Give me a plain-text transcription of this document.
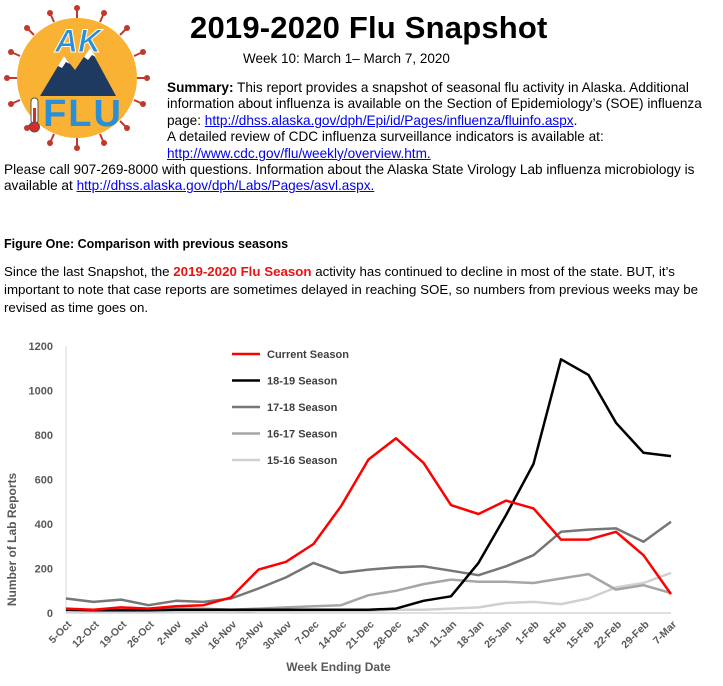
AK
FLU
2019-2020 Flu Snapshot
Week 10: March 1– March 7, 2020
Summary: This report provides a snapshot of seasonal flu activity in Alaska. Additional information about influenza is available on the Section of Epidemiology’s (SOE) influenza page: http://dhss.alaska.gov/dph/Epi/id/Pages/influenza/fluinfo.aspx.
A detailed review of CDC influenza surveillance indicators is available at:
http://www.cdc.gov/flu/weekly/overview.htm.
Please call 907-269-8000 with questions. Information about the Alaska State Virology Lab influenza microbiology is available at http://dhss.alaska.gov/dph/Labs/Pages/asvl.aspx.
Figure One: Comparison with previous seasons
Since the last Snapshot, the 2019-2020 Flu Season activity has continued to decline in most of the state. BUT, it’s important to note that case reports are sometimes delayed in reaching SOE, so numbers from previous weeks may be revised as time goes on.
0
200
400
600
800
1000
1200
5-Oct
12-Oct
19-Oct
26-Oct
2-Nov
9-Nov
16-Nov
23-Nov
30-Nov
7-Dec
14-Dec
21-Dec
28-Dec 4-Jan
11-Jan
18-Jan
25-Jan 1-Feb 8-Feb
15-Feb
22-Feb
29-Feb 7-Mar
Week Ending Date
Number of Lab Reports
Current Season
18-19 Season
17-18 Season
16-17 Season
15-16 Season
